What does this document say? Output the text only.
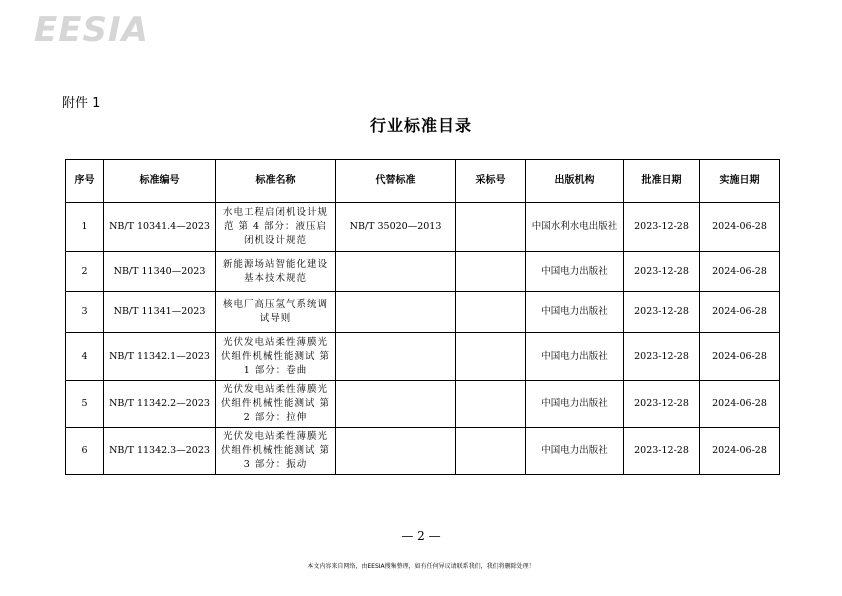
EESIA
附件 1
行业标准目录
序号	标准编号	标准名称	代替标准	采标号	出版机构	批准日期	实施日期
1	NB/T 10341.4—2023	水电工程启闭机设计规范 第 4 部分：液压启闭机设计规范	NB/T 35020—2013		中国水利水电出版社	2023-12-28	2024-06-28
2	NB/T 11340—2023	新能源场站智能化建设基本技术规范			中国电力出版社	2023-12-28	2024-06-28
3	NB/T 11341—2023	核电厂高压氢气系统调试导则			中国电力出版社	2023-12-28	2024-06-28
4	NB/T 11342.1—2023	光伏发电站柔性薄膜光伏组件机械性能测试 第 1 部分：卷曲			中国电力出版社	2023-12-28	2024-06-28
5	NB/T 11342.2—2023	光伏发电站柔性薄膜光伏组件机械性能测试 第 2 部分：拉伸			中国电力出版社	2023-12-28	2024-06-28
6	NB/T 11342.3—2023	光伏发电站柔性薄膜光伏组件机械性能测试 第 3 部分：振动			中国电力出版社	2023-12-28	2024-06-28
— 2 —
本文内容来自网络，由EESIA搜集整理，如有任何异议请联系我们，我们将删除处理！
